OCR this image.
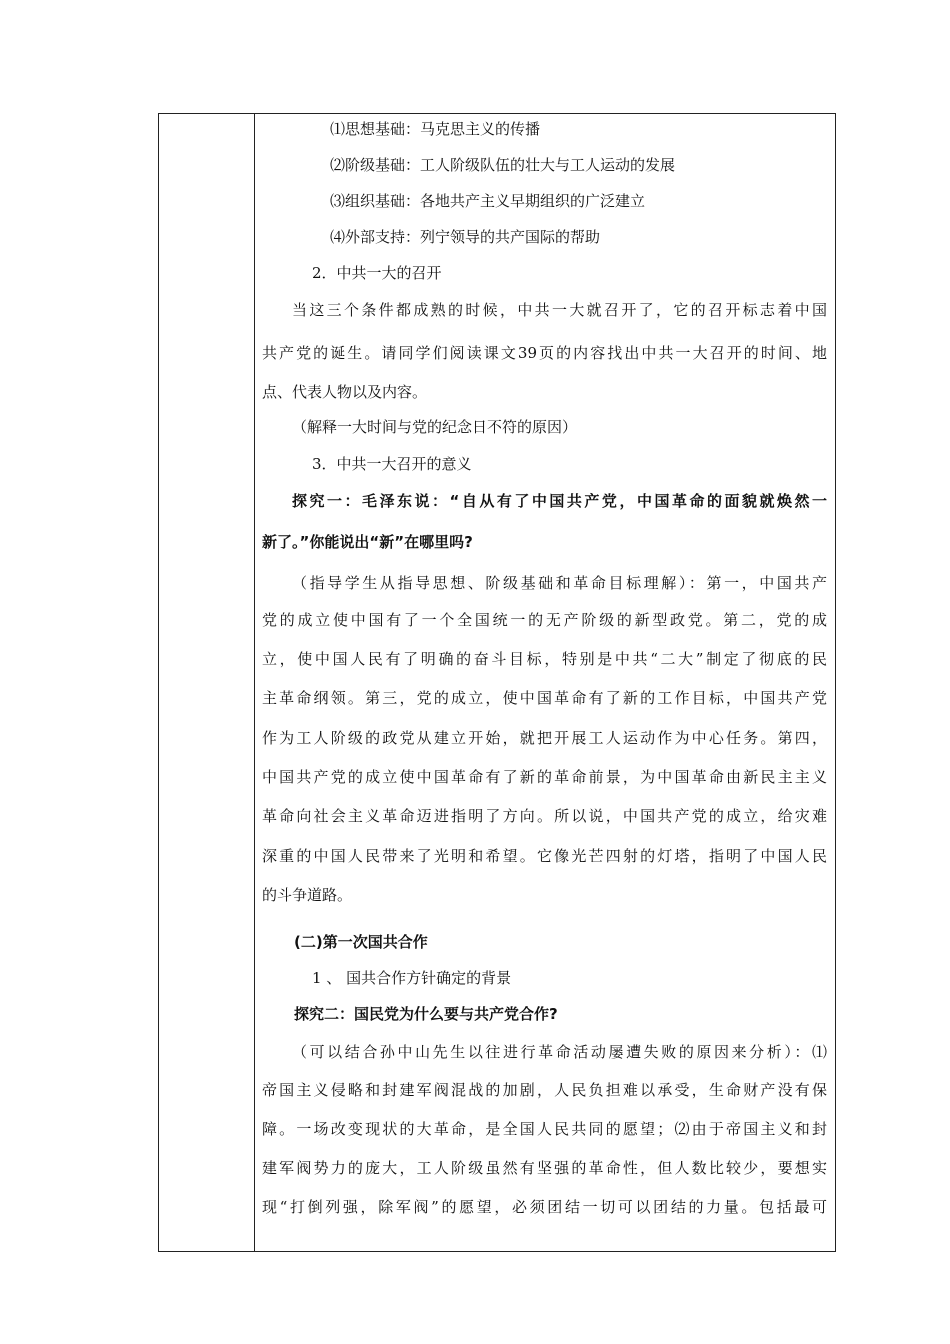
⑴思想基础：马克思主义的传播
⑵阶级基础：工人阶级队伍的壮大与工人运动的发展
⑶组织基础：各地共产主义早期组织的广泛建立
⑷外部支持：列宁领导的共产国际的帮助
2．中共一大的召开
当这三个条件都成熟的时候，中共一大就召开了，它的召开标志着中国
共产党的诞生。请同学们阅读课文39页的内容找出中共一大召开的时间、地
点、代表人物以及内容。
（解释一大时间与党的纪念日不符的原因）
3．中共一大召开的意义
探究一：毛泽东说：“自从有了中国共产党，中国革命的面貌就焕然一
新了。”你能说出“新”在哪里吗?
（指导学生从指导思想、阶级基础和革命目标理解）：第一，中国共产
党的成立使中国有了一个全国统一的无产阶级的新型政党。第二，党的成
立，使中国人民有了明确的奋斗目标，特别是中共“二大”制定了彻底的民
主革命纲领。第三，党的成立，使中国革命有了新的工作目标，中国共产党
作为工人阶级的政党从建立开始，就把开展工人运动作为中心任务。第四，
中国共产党的成立使中国革命有了新的革命前景，为中国革命由新民主主义
革命向社会主义革命迈进指明了方向。所以说，中国共产党的成立，给灾难
深重的中国人民带来了光明和希望。它像光芒四射的灯塔，指明了中国人民
的斗争道路。
(二)第一次国共合作
1 、 国共合作方针确定的背景
探究二：国民党为什么要与共产党合作?
（可以结合孙中山先生以往进行革命活动屡遭失败的原因来分析）：⑴
帝国主义侵略和封建军阀混战的加剧，人民负担难以承受，生命财产没有保
障。一场改变现状的大革命，是全国人民共同的愿望；⑵由于帝国主义和封
建军阀势力的庞大，工人阶级虽然有坚强的革命性，但人数比较少，要想实
现“打倒列强，除军阀”的愿望，必须团结一切可以团结的力量。包括最可
